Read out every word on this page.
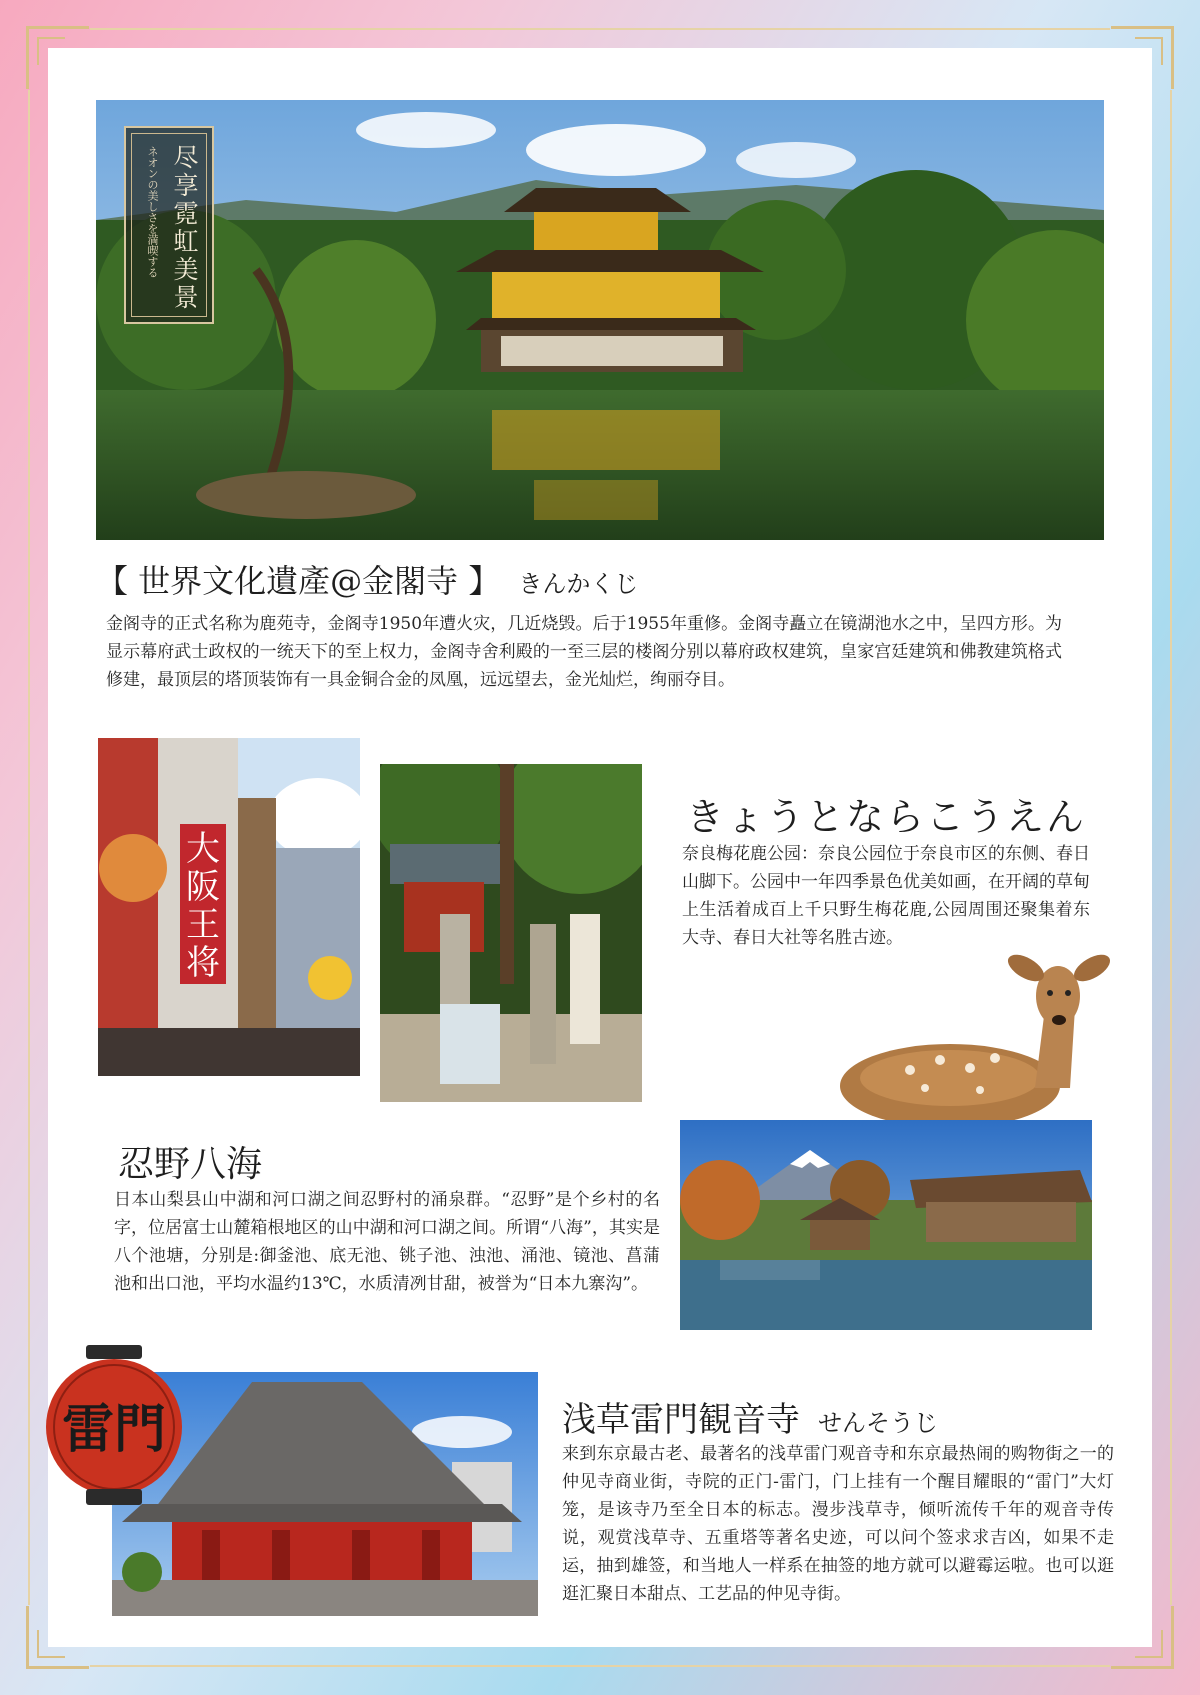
ネオンの美しさを満喫する 尽享霓虹美景
【 世界文化遺產@金閣寺 】 きんかくじ
金阁寺的正式名称为鹿苑寺，金阁寺1950年遭火灾，几近烧毁。后于1955年重修。金阁寺矗立在镜湖池水之中，呈四方形。为显示幕府武士政权的一统天下的至上权力，金阁寺舍利殿的一至三层的楼阁分别以幕府政权建筑，皇家宫廷建筑和佛教建筑格式修建，最顶层的塔顶装饰有一具金铜合金的凤凰，远远望去，金光灿烂，绚丽夺目。
大
阪
王
将
きょうとならこうえん
奈良梅花鹿公园：奈良公园位于奈良市区的东侧、春日山脚下。公园中一年四季景色优美如画，在开阔的草甸上生活着成百上千只野生梅花鹿,公园周围还聚集着东大寺、春日大社等名胜古迹。
忍野八海
日本山梨县山中湖和河口湖之间忍野村的涌泉群。“忍野”是个乡村的名字，位居富士山麓箱根地区的山中湖和河口湖之间。所谓“八海”，其实是八个池塘，分别是:御釜池、底无池、铫子池、浊池、涌池、镜池、菖蒲池和出口池，平均水温约13℃，水质清冽甘甜，被誉为“日本九寨沟”。
雷門	浅草雷門観音寺 せんそうじ
来到东京最古老、最著名的浅草雷门观音寺和东京最热闹的购物街之一的仲见寺商业街，寺院的正门-雷门，门上挂有一个醒目耀眼的“雷门”大灯笼，是该寺乃至全日本的标志。漫步浅草寺，倾听流传千年的观音寺传说，观赏浅草寺、五重塔等著名史迹，可以问个签求求吉凶，如果不走运，抽到雄签，和当地人一样系在抽签的地方就可以避霉运啦。也可以逛逛汇聚日本甜点、工艺品的仲见寺街。
